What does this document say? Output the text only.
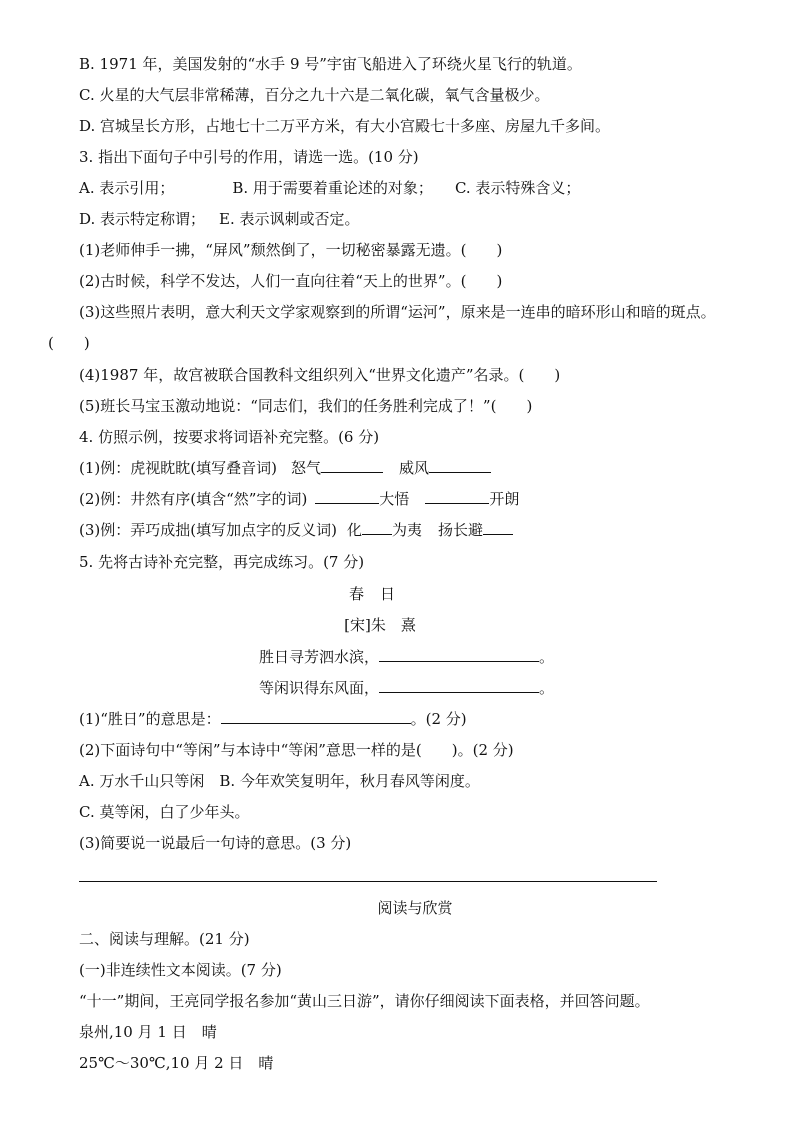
B. 1971 年，美国发射的“水手 9 号”宇宙飞船进入了环绕火星飞行的轨道。
C. 火星的大气层非常稀薄，百分之九十六是二氧化碳，氧气含量极少。
D. 宫城呈长方形，占地七十二万平方米，有大小宫殿七十多座、房屋九千多间。
3. 指出下面句子中引号的作用，请选一选。(10 分)
A. 表示引用；	B. 用于需要着重论述的对象； C. 表示特殊含义；
D. 表示特定称谓； E. 表示讽刺或否定。
(1)老师伸手一拂，“屏风”颓然倒了，一切秘密暴露无遗。(　　)
(2)古时候，科学不发达，人们一直向往着“天上的世界”。(　　)
(3)这些照片表明，意大利天文学家观察到的所谓“运河”，原来是一连串的暗环形山和暗的斑点。
(　　)
(4)1987 年，故宫被联合国教科文组织列入“世界文化遗产”名录。(　　)
(5)班长马宝玉激动地说：“同志们，我们的任务胜利完成了！”(　　)
4. 仿照示例，按要求将词语补充完整。(6 分)
(1)例：虎视眈眈(填写叠音词) 怒气	威风
(2)例：井然有序(填含“然”字的词)	大悟	开朗
(3)例：弄巧成拙(填写加点字的反义词) 化 为夷 扬长避
5. 先将古诗补充完整，再完成练习。(7 分)
春日
[宋]朱　熹
胜日寻芳泗水滨，	。
等闲识得东风面，	。
(1)“胜日”的意思是：	。(2 分)
(2)下面诗句中“等闲”与本诗中“等闲”意思一样的是(　　)。(2 分)
A. 万水千山只等闲　B. 今年欢笑复明年，秋月春风等闲度。
C. 莫等闲，白了少年头。
(3)简要说一说最后一句诗的意思。(3 分)
阅读与欣赏
二、阅读与理解。(21 分)
(一)非连续性文本阅读。(7 分)
“十一”期间，王亮同学报名参加“黄山三日游”，请你仔细阅读下面表格，并回答问题。
泉州,10 月 1 日　晴
25℃～30℃,10 月 2 日　晴
